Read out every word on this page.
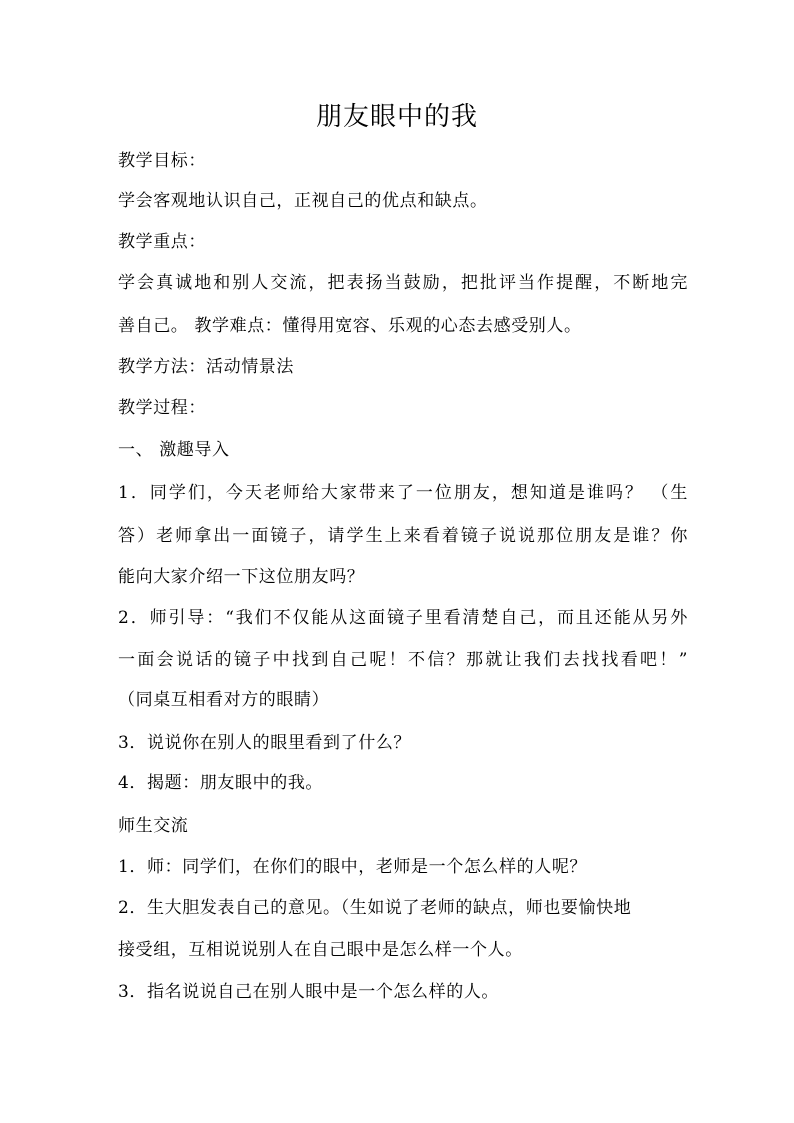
朋友眼中的我
教学目标：
学会客观地认识自己，正视自己的优点和缺点。
教学重点：
学会真诚地和别人交流，把表扬当鼓励，把批评当作提醒，不断地完
善自己。 教学难点：懂得用宽容、乐观的心态去感受别人。
教学方法：活动情景法
教学过程：
一、 激趣导入
1．同学们，今天老师给大家带来了一位朋友，想知道是谁吗？ （生
答）老师拿出一面镜子，请学生上来看着镜子说说那位朋友是谁？你
能向大家介绍一下这位朋友吗？
2．师引导：“我们不仅能从这面镜子里看清楚自己，而且还能从另外
一面会说话的镜子中找到自己呢！不信？那就让我们去找找看吧！”
（同桌互相看对方的眼睛）
3．说说你在别人的眼里看到了什么？
4．揭题：朋友眼中的我。
师生交流
1．师：同学们，在你们的眼中，老师是一个怎么样的人呢？
2．生大胆发表自己的意见。（生如说了老师的缺点，师也要愉快地
接受组，互相说说别人在自己眼中是怎么样一个人。
3．指名说说自己在别人眼中是一个怎么样的人。
